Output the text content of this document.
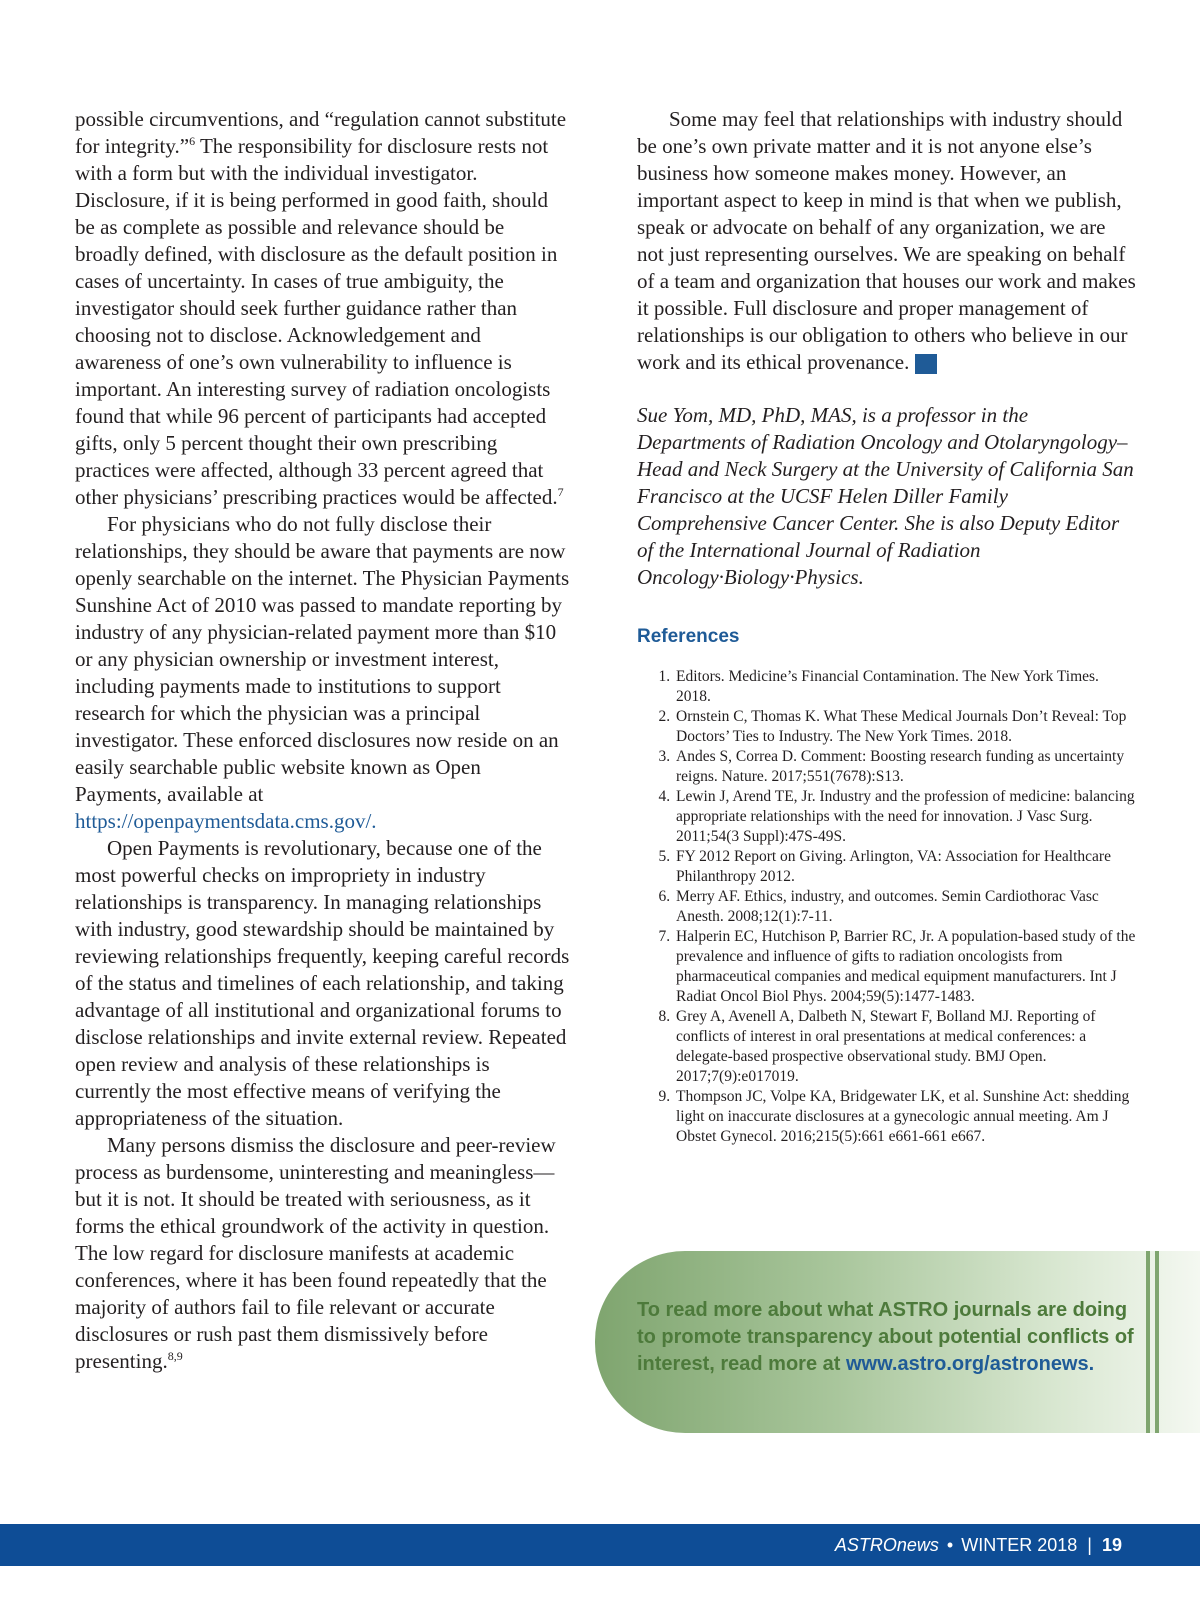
possible circumventions, and “regulation cannot substitute for integrity.”$^6$ The responsibility for disclosure rests not with a form but with the individual investigator. Disclosure, if it is being performed in good faith, should be as complete as possible and relevance should be broadly defined, with disclosure as the default position in cases of uncertainty. In cases of true ambiguity, the investigator should seek further guidance rather than choosing not to disclose. Acknowledgement and awareness of one’s own vulnerability to influence is important. An interesting survey of radiation oncologists found that while 96 percent of participants had accepted gifts, only 5 percent thought their own prescribing practices were affected, although 33 percent agreed that other physicians’ prescribing practices would be affected.$^7$

For physicians who do not fully disclose their relationships, they should be aware that payments are now openly searchable on the internet. The Physician Payments Sunshine Act of 2010 was passed to mandate reporting by industry of any physician-related payment more than $10 or any physician ownership or investment interest, including payments made to institutions to support research for which the physician was a principal investigator. These enforced disclosures now reside on an easily searchable public website known as Open Payments, available at https://openpaymentsdata.cms.gov/.

Open Payments is revolutionary, because one of the most powerful checks on impropriety in industry relationships is transparency. In managing relationships with industry, good stewardship should be maintained by reviewing relationships frequently, keeping careful records of the status and timelines of each relationship, and taking advantage of all institutional and organizational forums to disclose relationships and invite external review. Repeated open review and analysis of these relationships is currently the most effective means of verifying the appropriateness of the situation.

Many persons dismiss the disclosure and peer-review process as burdensome, uninteresting and meaningless—but it is not. It should be treated with seriousness, as it forms the ethical groundwork of the activity in question. The low regard for disclosure manifests at academic conferences, where it has been found repeatedly that the majority of authors fail to file relevant or accurate disclosures or rush past them dismissively before presenting.$^{8,9}$

Some may feel that relationships with industry should be one’s own private matter and it is not anyone else’s business how someone makes money. However, an important aspect to keep in mind is that when we publish, speak or advocate on behalf of any organization, we are not just representing ourselves. We are speaking on behalf of a team and organization that houses our work and makes it possible. Full disclosure and proper management of relationships is our obligation to others who believe in our work and its ethical provenance. A

Sue Yom, MD, PhD, MAS, is a professor in the Departments of Radiation Oncology and Otolaryngology–Head and Neck Surgery at the University of California San Francisco at the UCSF Helen Diller Family Comprehensive Cancer Center. She is also Deputy Editor of the International Journal of Radiation Oncology·Biology·Physics.

References
1. Editors. Medicine’s Financial Contamination. The New York Times. 2018.
2. Ornstein C, Thomas K. What These Medical Journals Don’t Reveal: Top Doctors’ Ties to Industry. The New York Times. 2018.
3. Andes S, Correa D. Comment: Boosting research funding as uncertainty reigns. Nature. 2017;551(7678):S13.
4. Lewin J, Arend TE, Jr. Industry and the profession of medicine: balancing appropriate relationships with the need for innovation. J Vasc Surg. 2011;54(3 Suppl):47S-49S.
5. FY 2012 Report on Giving. Arlington, VA: Association for Healthcare Philanthropy 2012.
6. Merry AF. Ethics, industry, and outcomes. Semin Cardiothorac Vasc Anesth. 2008;12(1):7-11.
7. Halperin EC, Hutchison P, Barrier RC, Jr. A population-based study of the prevalence and influence of gifts to radiation oncologists from pharmaceutical companies and medical equipment manufacturers. Int J Radiat Oncol Biol Phys. 2004;59(5):1477-1483.
8. Grey A, Avenell A, Dalbeth N, Stewart F, Bolland MJ. Reporting of conflicts of interest in oral presentations at medical conferences: a delegate-based prospective observational study. BMJ Open. 2017;7(9):e017019.
9. Thompson JC, Volpe KA, Bridgewater LK, et al. Sunshine Act: shedding light on inaccurate disclosures at a gynecologic annual meeting. Am J Obstet Gynecol. 2016;215(5):661 e661-661 e667.
To read more about what ASTRO journals are doing to promote transparency about potential conflicts of interest, read more at www.astro.org/astronews.
ASTROnews • WINTER 2018 | 19
